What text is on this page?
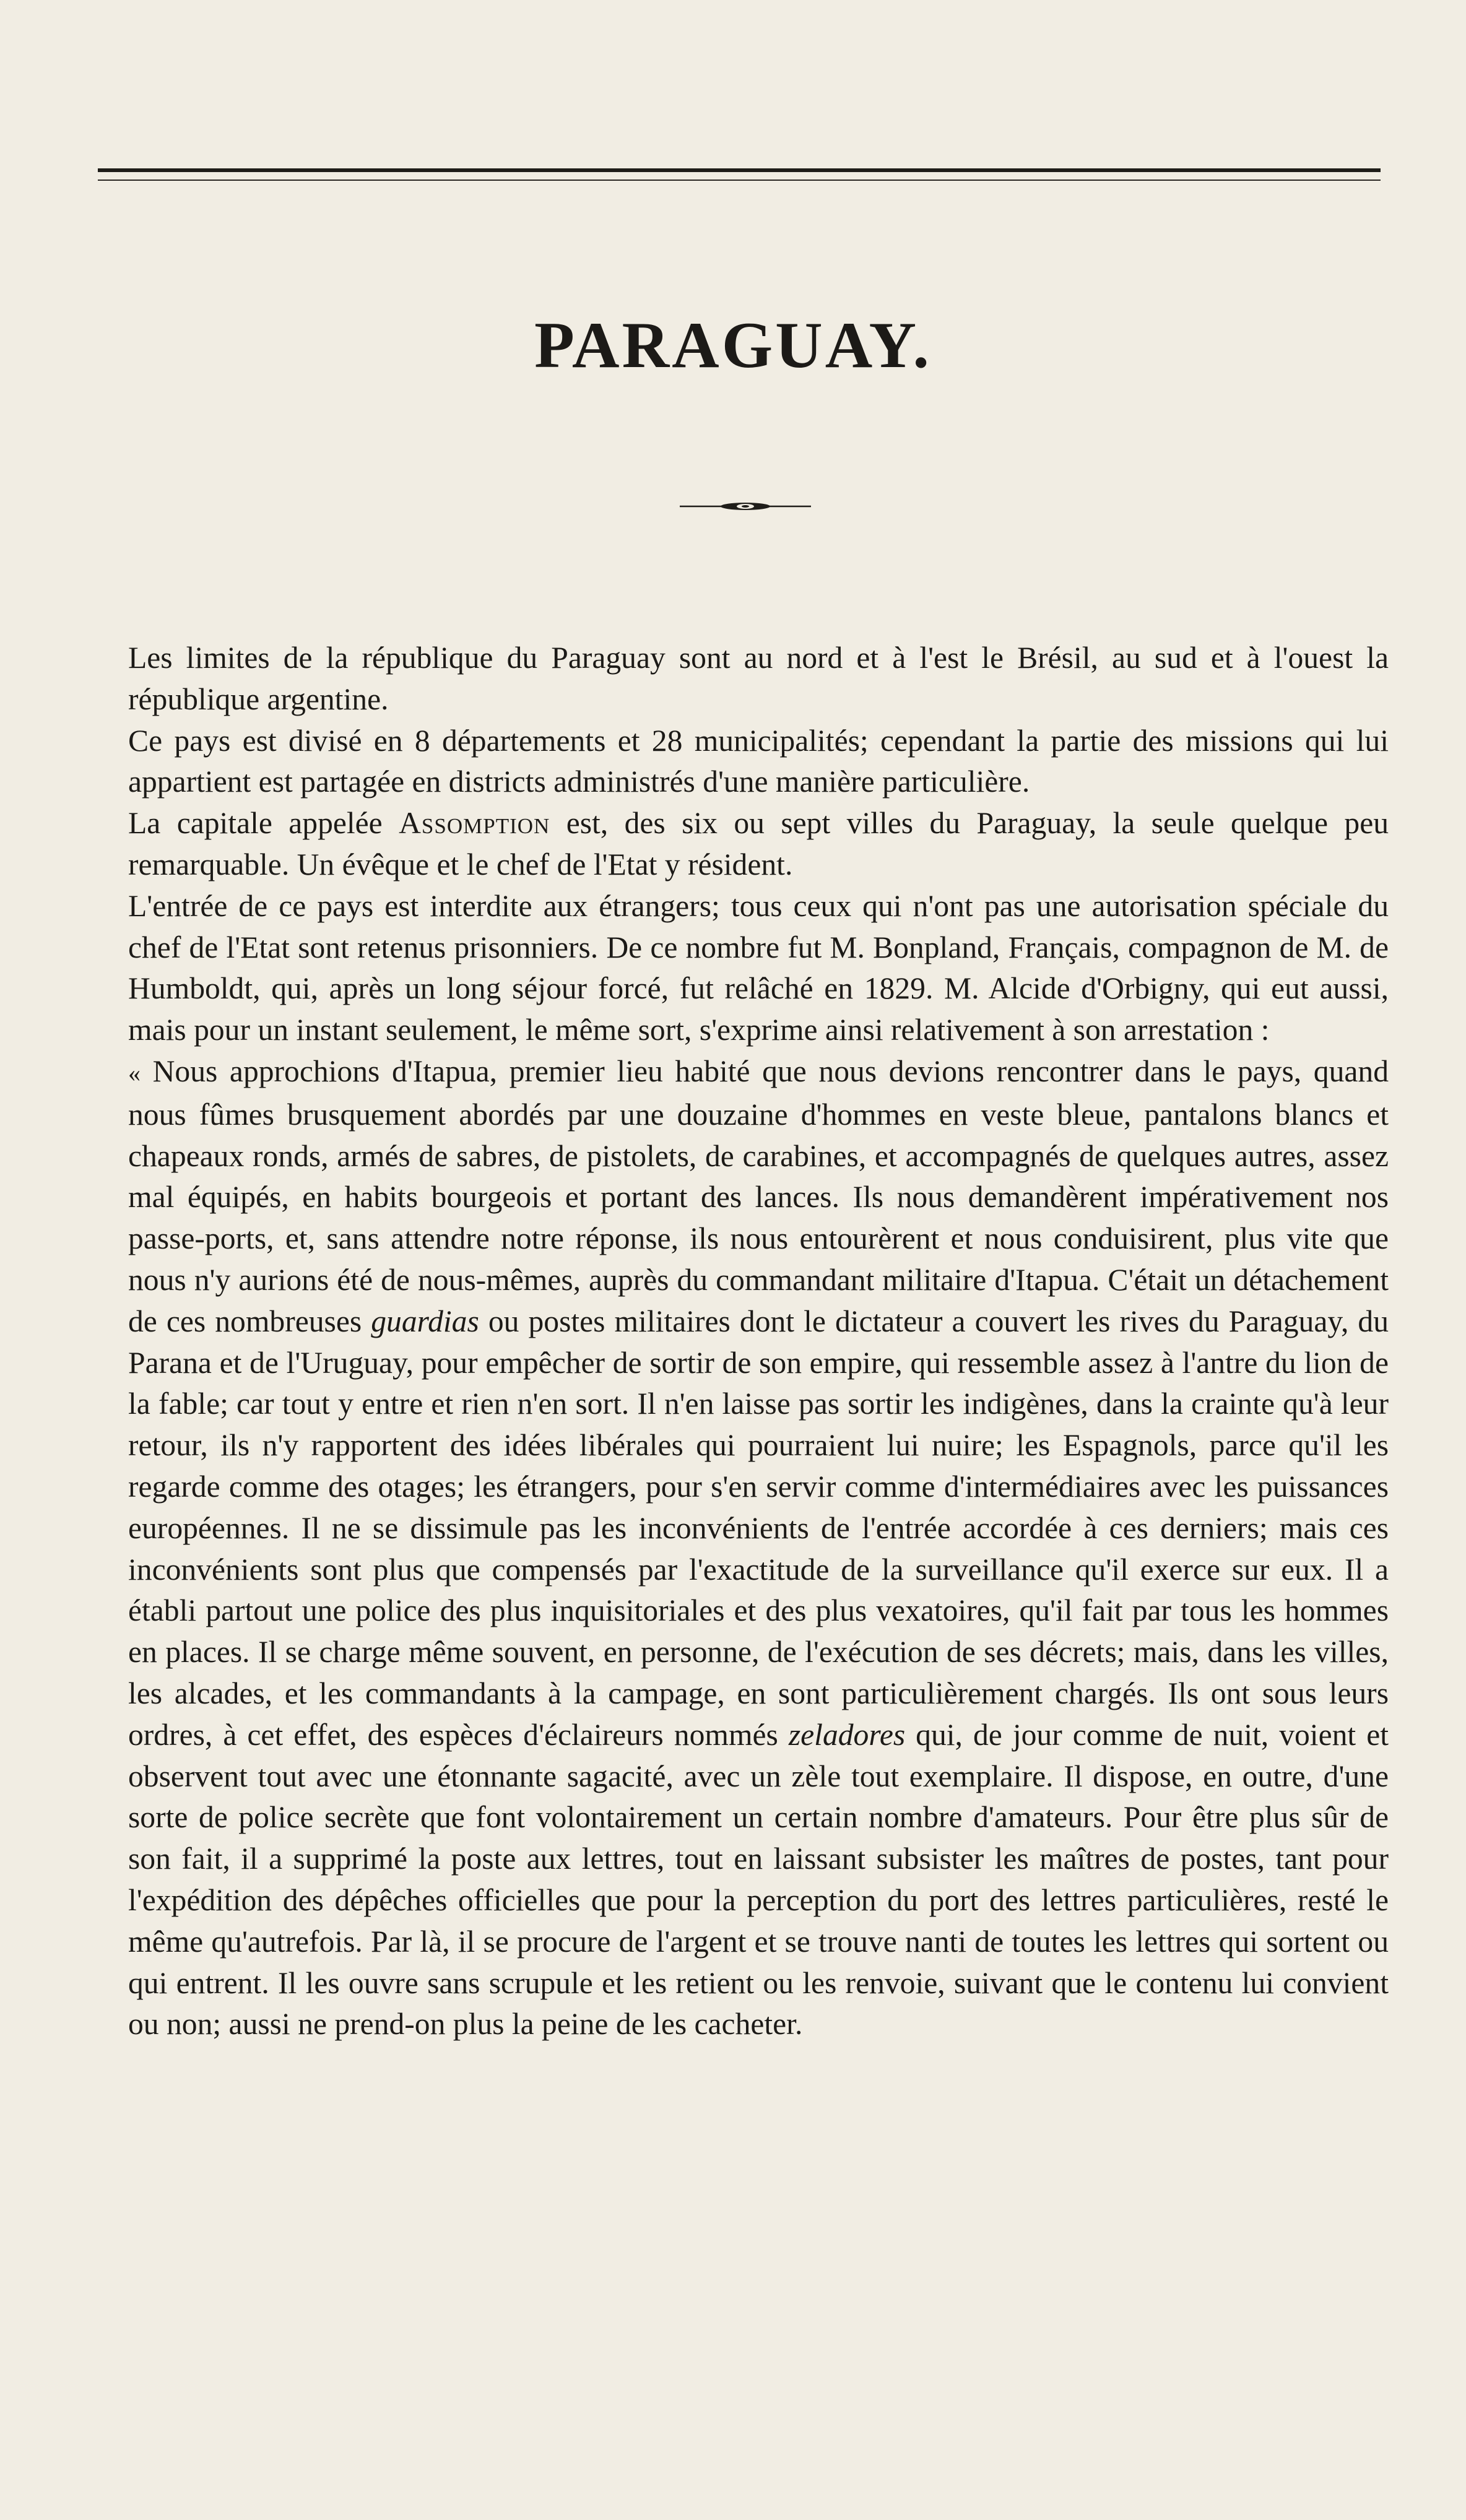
PARAGUAY.

Les limites de la république du Paraguay sont au nord et à l'est le Brésil, au sud et à l'ouest la république argentine.

Ce pays est divisé en 8 départements et 28 municipalités; cependant la partie des missions qui lui appartient est partagée en districts administrés d'une manière particulière.

La capitale appelée Assomption est, des six ou sept villes du Paraguay, la seule quelque peu remarquable. Un évêque et le chef de l'Etat y résident.

L'entrée de ce pays est interdite aux étrangers; tous ceux qui n'ont pas une autorisation spéciale du chef de l'Etat sont retenus prisonniers. De ce nombre fut M. Bonpland, Français, compagnon de M. de Humboldt, qui, après un long séjour forcé, fut relâché en 1829. M. Alcide d'Orbigny, qui eut aussi, mais pour un instant seulement, le même sort, s'exprime ainsi relativement à son arrestation :

« Nous approchions d'Itapua, premier lieu habité que nous devions rencontrer dans le pays, quand nous fûmes brusquement abordés par une douzaine d'hommes en veste bleue, pantalons blancs et chapeaux ronds, armés de sabres, de pistolets, de carabines, et accompagnés de quelques autres, assez mal équipés, en habits bourgeois et portant des lances. Ils nous demandèrent impérativement nos passe-ports, et, sans attendre notre réponse, ils nous entourèrent et nous conduisirent, plus vite que nous n'y aurions été de nous-mêmes, auprès du commandant militaire d'Itapua. C'était un détachement de ces nombreuses guardias ou postes militaires dont le dictateur a couvert les rives du Paraguay, du Parana et de l'Uruguay, pour empêcher de sortir de son empire, qui ressemble assez à l'antre du lion de la fable; car tout y entre et rien n'en sort. Il n'en laisse pas sortir les indigènes, dans la crainte qu'à leur retour, ils n'y rapportent des idées libérales qui pourraient lui nuire; les Espagnols, parce qu'il les regarde comme des otages; les étrangers, pour s'en servir comme d'intermédiaires avec les puissances européennes. Il ne se dissimule pas les inconvénients de l'entrée accordée à ces derniers; mais ces inconvénients sont plus que compensés par l'exactitude de la surveillance qu'il exerce sur eux. Il a établi partout une police des plus inquisitoriales et des plus vexatoires, qu'il fait par tous les hommes en places. Il se charge même souvent, en personne, de l'exécution de ses décrets; mais, dans les villes, les alcades, et les commandants à la campage, en sont particulièrement chargés. Ils ont sous leurs ordres, à cet effet, des espèces d'éclaireurs nommés zeladores qui, de jour comme de nuit, voient et observent tout avec une étonnante sagacité, avec un zèle tout exemplaire. Il dispose, en outre, d'une sorte de police secrète que font volontairement un certain nombre d'amateurs. Pour être plus sûr de son fait, il a supprimé la poste aux lettres, tout en laissant subsister les maîtres de postes, tant pour l'expédition des dépêches officielles que pour la perception du port des lettres particulières, resté le même qu'autrefois. Par là, il se procure de l'argent et se trouve nanti de toutes les lettres qui sortent ou qui entrent. Il les ouvre sans scrupule et les retient ou les renvoie, suivant que le contenu lui convient ou non; aussi ne prend-on plus la peine de les cacheter.
